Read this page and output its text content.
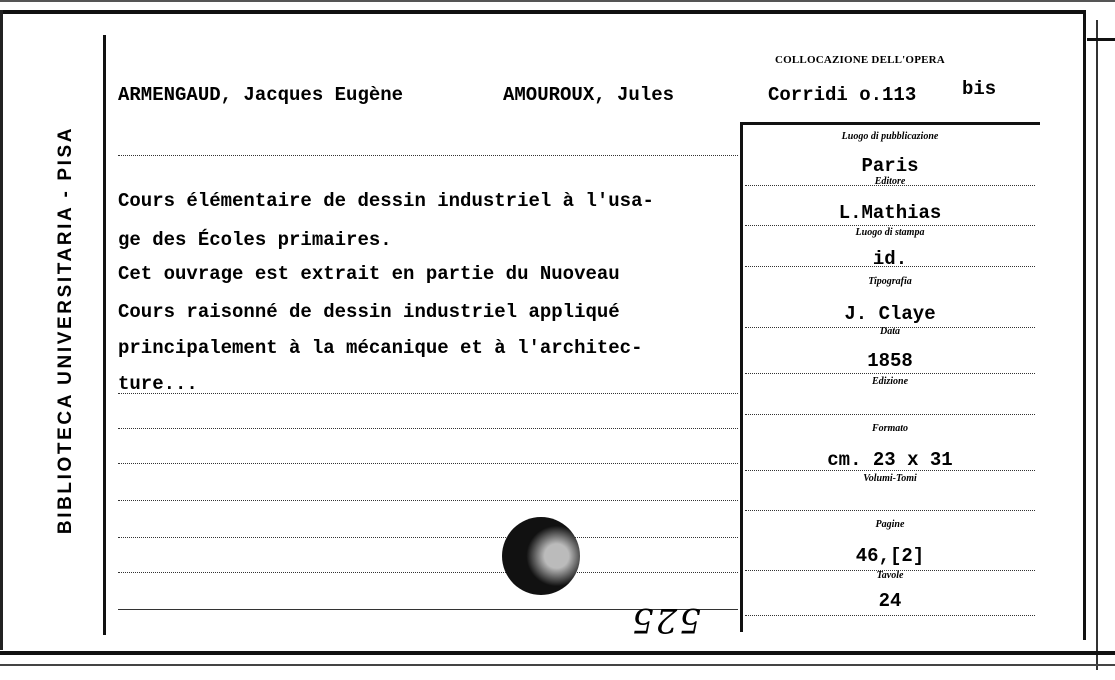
BIBLIOTECA UNIVERSITARIA - PISA
COLLOCAZIONE DELL'OPERA
ARMENGAUD, Jacques Eugène	AMOUROUX, Jules	Corridi o.113 bis
Cours élémentaire de dessin industriel à l'usa-
ge des Écoles primaires.
Cet ouvrage est extrait en partie du Nuoveau
Cours raisonné de dessin industriel appliqué
principalement à la mécanique et à l'architec-
ture...
Luogo di pubblicazione
Paris
Editore
L.Mathias
Luogo di stampa
id.
Tipografia
J. Claye
Data
1858
Edizione
Formato
cm. 23 x 31
Volumi-Tomi
Pagine
46,[2]
Tavole
24
525
